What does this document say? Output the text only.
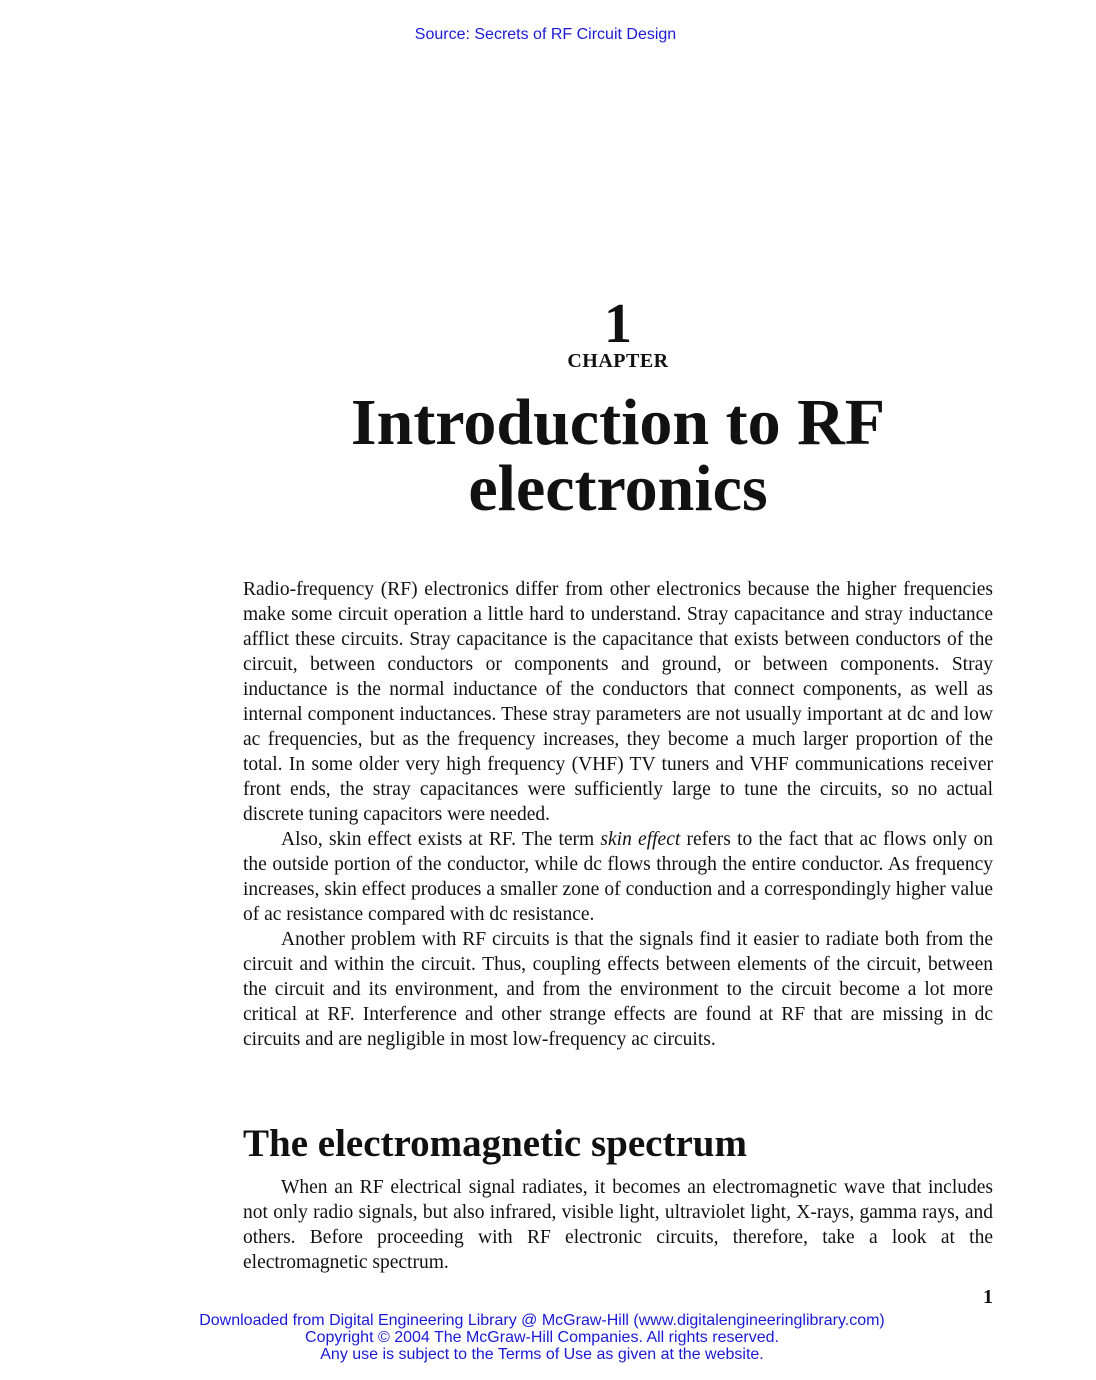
Source: Secrets of RF Circuit Design
1
CHAPTER
Introduction to RF
electronics

Radio-frequency (RF) electronics differ from other electronics because the higher frequencies make some circuit operation a little hard to understand. Stray capacitance and stray inductance afflict these circuits. Stray capacitance is the capacitance that exists between conductors of the circuit, between conductors or components and ground, or between components. Stray inductance is the normal inductance of the conductors that connect components, as well as internal component inductances. These stray parameters are not usually important at dc and low ac frequencies, but as the frequency increases, they become a much larger proportion of the total. In some older very high frequency (VHF) TV tuners and VHF communications receiver front ends, the stray capacitances were sufficiently large to tune the circuits, so no actual discrete tuning capacitors were needed.

Also, skin effect exists at RF. The term skin effect refers to the fact that ac flows only on the outside portion of the conductor, while dc flows through the entire conductor. As frequency increases, skin effect produces a smaller zone of conduction and a correspondingly higher value of ac resistance compared with dc resistance.

Another problem with RF circuits is that the signals find it easier to radiate both from the circuit and within the circuit. Thus, coupling effects between elements of the circuit, between the circuit and its environment, and from the environment to the circuit become a lot more critical at RF. Interference and other strange effects are found at RF that are missing in dc circuits and are negligible in most low-frequency ac circuits.

The electromagnetic spectrum

When an RF electrical signal radiates, it becomes an electromagnetic wave that includes not only radio signals, but also infrared, visible light, ultraviolet light, X-rays, gamma rays, and others. Before proceeding with RF electronic circuits, therefore, take a look at the electromagnetic spectrum.

1
Downloaded from Digital Engineering Library @ McGraw-Hill (www.digitalengineeringlibrary.com)
Copyright © 2004 The McGraw-Hill Companies. All rights reserved.
Any use is subject to the Terms of Use as given at the website.
